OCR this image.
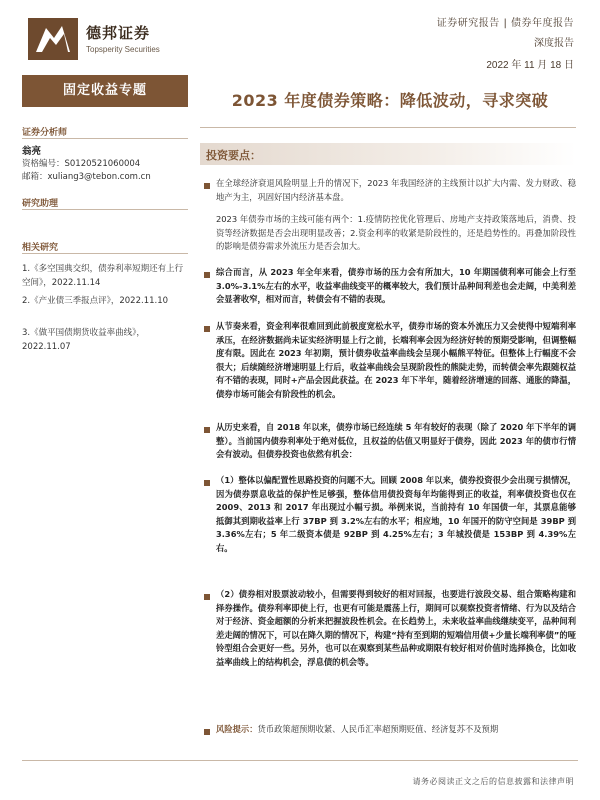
德邦证券
Topsperity Securities
证券研究报告 | 债券年度报告
深度报告
2022 年 11 月 18 日
固定收益专题
证券分析师
翁亮
资格编号：S0120521060004
邮箱：xuliang3@tebon.com.cn
研究助理
相关研究
1.《多空国典交织，债券利率短期还有上行空间》，2022.11.14
2.《产业债三季报点评》，2022.11.10
3.《做平国债期货收益率曲线》，2022.11.07
2023 年度债券策略：降低波动，寻求突破
投资要点：
在全球经济衰退风险明显上升的情况下，2023 年我国经济的主线预计以扩大内需、发力财政、稳地产为主，巩固好国内经济基本盘。
2023 年债券市场的主线可能有两个：1.疫情防控优化管理后、房地产支持政策落地后，消费、投资等经济数据是否会出现明显改善；2.资金利率的收紧是阶段性的，还是趋势性的。再叠加阶段性的影响是债券需求外流压力是否会加大。
综合而言，从 2023 年全年来看，债券市场的压力会有所加大，10 年期国债利率可能会上行至 3.0%-3.1%左右的水平，收益率曲线变平的概率较大，我们预计品种间利差也会走阔，中美利差会显著收窄，相对而言，转债会有不错的表现。
从节奏来看，资金利率很难回到此前极度宽松水平，债券市场的资本外流压力又会使得中短端利率承压，在经济数据尚未证实经济明显上行之前，长端利率会因为经济好转的预期受影响，但调整幅度有限。因此在 2023 年初期，预计债券收益率曲线会呈现小幅熊平特征。但整体上行幅度不会很大；后续随经济增速明显上行后，收益率曲线会呈现阶段性的熊陡走势，而转债会率先跟随权益有不错的表现，同时+产品会因此获益。在 2023 年下半年，随着经济增速的回落、通胀的降温，债券市场可能会有阶段性的机会。
从历史来看，自 2018 年以来，债券市场已经连续 5 年有较好的表现（除了 2020 年下半年的调整）。当前国内债券利率处于绝对低位，且权益的估值又明显好于债券，因此 2023 年的债市行情会有波动。但债券投资也依然有机会：
（1）整体以偏配置性思路投资的问题不大。回顾 2008 年以来，债券投资很少会出现亏损情况，因为债券票息收益的保护性足够强，整体信用债投资每年均能得到正的收益，利率债投资也仅在 2009、2013 和 2017 年出现过小幅亏损。举例来说，当前持有 10 年国债一年，其票息能够抵御其到期收益率上行 37BP 到 3.2%左右的水平；相应地，10 年国开的防守空间是 39BP 到 3.36%左右；5 年二级资本债是 92BP 到 4.25%左右；3 年城投债是 153BP 到 4.39%左右。
（2）债券相对股票波动较小，但需要得到较好的相对回报，也要进行波段交易、组合策略构建和择券操作。债券利率即使上行，也更有可能是震荡上行，期间可以观察投资者情绪、行为以及结合对于经济、资金超额的分析来把握波段性机会。在长趋势上，未来收益率曲线继续变平，品种间利差走阔的情况下，可以在降久期的情况下，构建“持有至到期的短端信用债+少量长端利率债”的哑铃型组合会更好一些。另外，也可以在观察到某些品种或期限有较好相对价值时选择换仓，比如收益率曲线上的结构机会，浮息债的机会等。
风险提示：货币政策超预期收紧、人民币汇率超预期贬值、经济复苏不及预期
请务必阅读正文之后的信息披露和法律声明
